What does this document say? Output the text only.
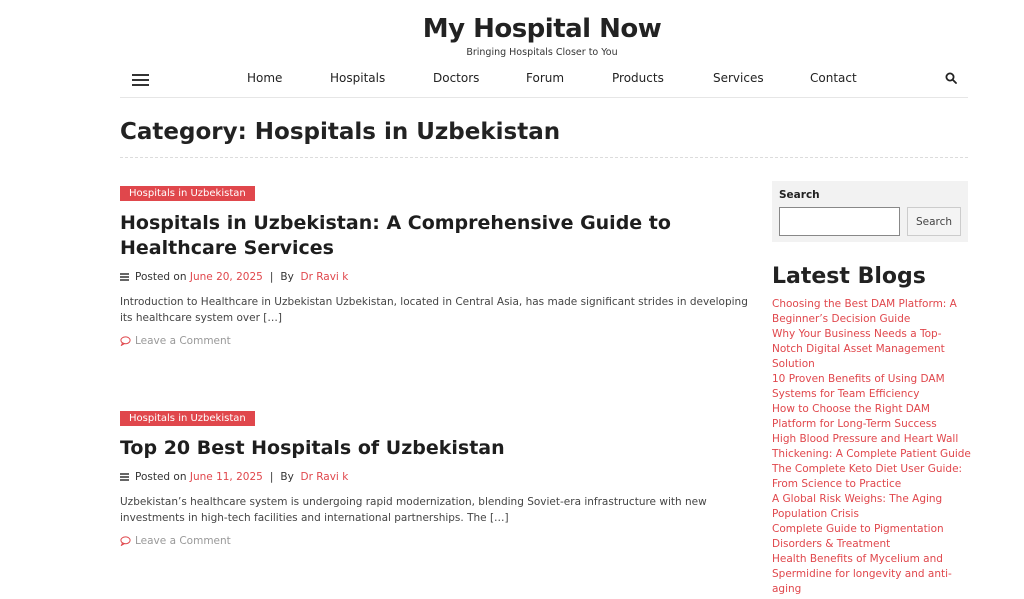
My Hospital Now
Bringing Hospitals Closer to You
Home	Hospitals	Doctors	Forum	Products	Services	Contact
Category: Hospitals in Uzbekistan
Hospitals in Uzbekistan
Hospitals in Uzbekistan: A Comprehensive Guide to Healthcare Services
Posted on
June 20, 2025 | By
Dr Ravi k

Introduction to Healthcare in Uzbekistan Uzbekistan, located in Central Asia, has made significant strides in developing its healthcare system over […]

Leave a Comment
Hospitals in Uzbekistan
Top 20 Best Hospitals of Uzbekistan
Posted on
June 11, 2025 | By
Dr Ravi k

Uzbekistan’s healthcare system is undergoing rapid modernization, blending Soviet-era infrastructure with new investments in high-tech facilities and international partnerships. The […]

Leave a Comment
Search
Search
Latest Blogs
Choosing the Best DAM Platform: A Beginner’s Decision Guide
Why Your Business Needs a Top-Notch Digital Asset Management Solution
10 Proven Benefits of Using DAM Systems for Team Efficiency
How to Choose the Right DAM Platform for Long-Term Success
High Blood Pressure and Heart Wall Thickening: A Complete Patient Guide
The Complete Keto Diet User Guide: From Science to Practice
A Global Risk Weighs: The Aging Population Crisis
Complete Guide to Pigmentation Disorders & Treatment
Health Benefits of Mycelium and Spermidine for longevity and anti-aging
